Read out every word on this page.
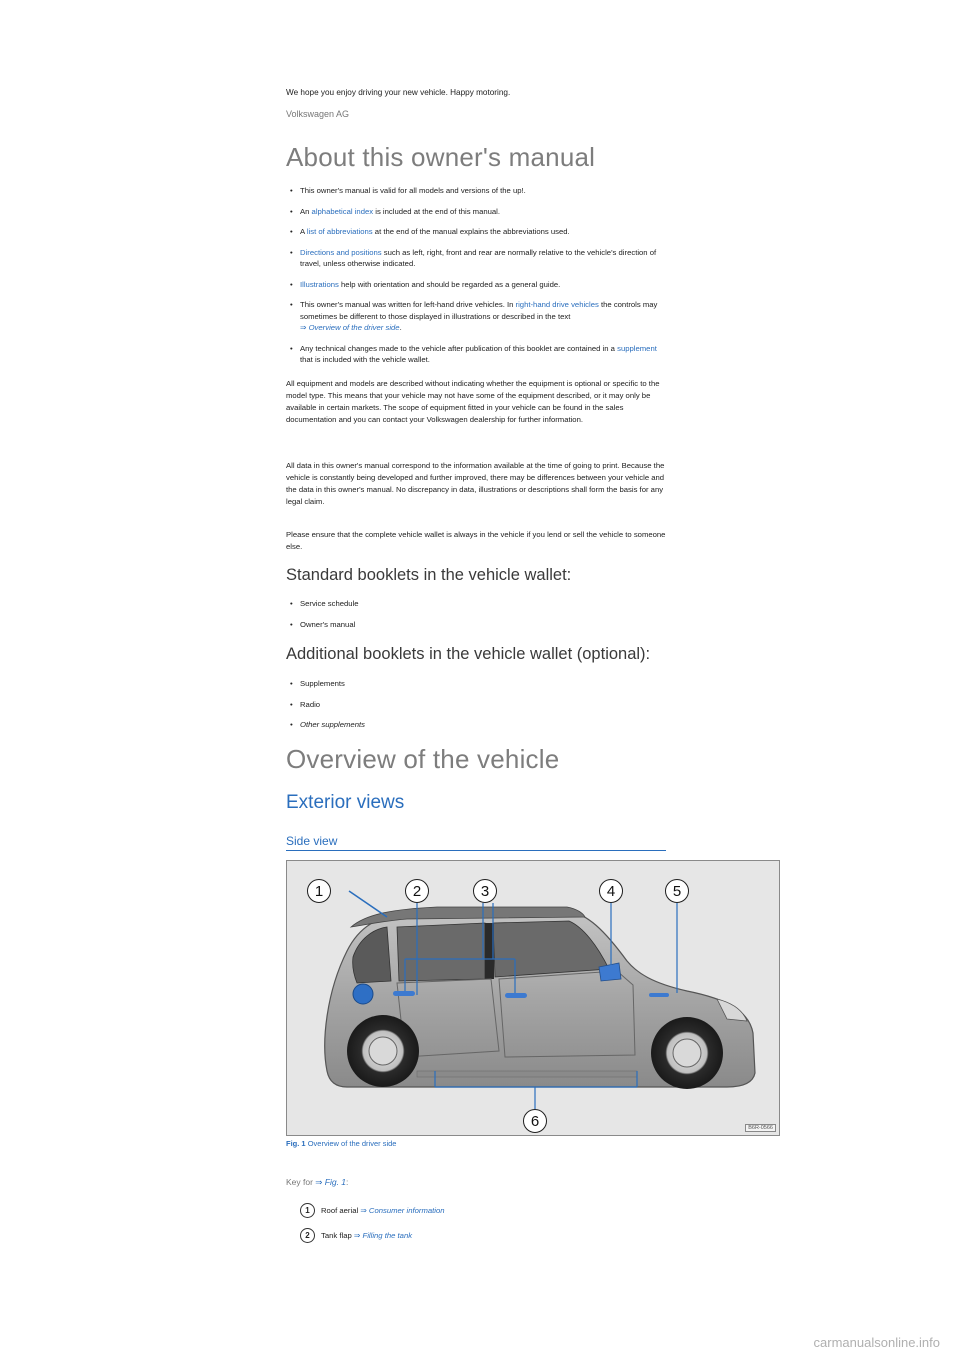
We hope you enjoy driving your new vehicle. Happy motoring.
Volkswagen AG
About this owner's manual
• This owner's manual is valid for all models and versions of the up!.
• An alphabetical index is included at the end of this manual.
• A list of abbreviations at the end of the manual explains the abbreviations used.
• Directions and positions such as left, right, front and rear are normally relative to the vehicle's direction of travel, unless otherwise indicated.
• Illustrations help with orientation and should be regarded as a general guide.
• This owner's manual was written for left-hand drive vehicles. In right-hand drive vehicles the controls may sometimes be different to those displayed in illustrations or described in the text
⇒ Overview of the driver side.
• Any technical changes made to the vehicle after publication of this booklet are contained in a supplement that is included with the vehicle wallet.

All equipment and models are described without indicating whether the equipment is optional or specific to the model type. This means that your vehicle may not have some of the equipment described, or it may only be available in certain markets. The scope of equipment fitted in your vehicle can be found in the sales documentation and you can contact your Volkswagen dealership for further information.

All data in this owner's manual correspond to the information available at the time of going to print. Because the vehicle is constantly being developed and further improved, there may be differences between your vehicle and the data in this owner's manual. No discrepancy in data, illustrations or descriptions shall form the basis for any legal claim.

Please ensure that the complete vehicle wallet is always in the vehicle if you lend or sell the vehicle to someone else.

Standard booklets in the vehicle wallet:
• Service schedule
• Owner's manual
Additional booklets in the vehicle wallet (optional):
• Supplements
• Radio
• Other supplements
Overview of the vehicle
Exterior views
Side view
1	2	3	4	5
6	B6R-0566
Fig. 1 Overview of the driver side
Key for ⇒ Fig. 1:
1	Roof aerial
⇒ Consumer information
2	Tank flap
⇒ Filling the tank
carmanualsonline.info
